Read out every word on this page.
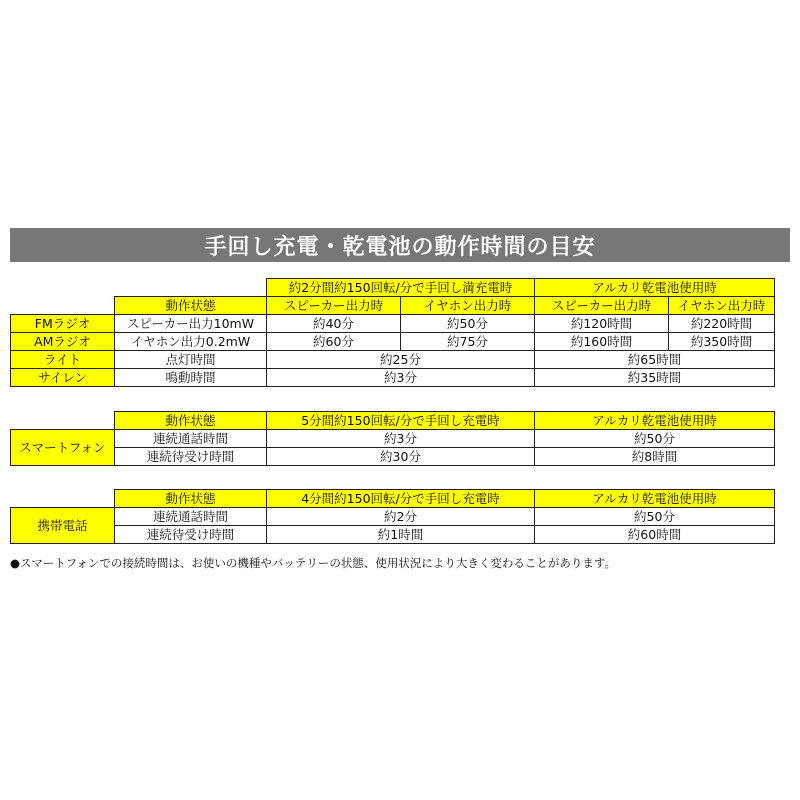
手回し充電・乾電池の動作時間の目安
		約2分間約150回転/分で手回し満充電時		アルカリ乾電池使用時	
	動作状態	スピーカー出力時	イヤホン出力時	スピーカー出力時	イヤホン出力時
FMラジオ	スピーカー出力10mW	約40分	約50分	約120時間	約220時間
AMラジオ	イヤホン出力0.2mW	約60分	約75分	約160時間	約350時間
ライト	点灯時間	約25分		約65時間	
サイレン	鳴動時間	約3分		約35時間	
	動作状態	5分間約150回転/分で手回し充電時	アルカリ乾電池使用時
スマートフォン	連続通話時間	約3分	約50分
	連続待受け時間	約30分	約8時間
	動作状態	4分間約150回転/分で手回し充電時	アルカリ乾電池使用時
携帯電話	連続通話時間	約2分	約50分
	連続待受け時間	約1時間	約60時間
●スマートフォンでの接続時間は、お使いの機種やバッテリーの状態、使用状況により大きく変わることがあります。
